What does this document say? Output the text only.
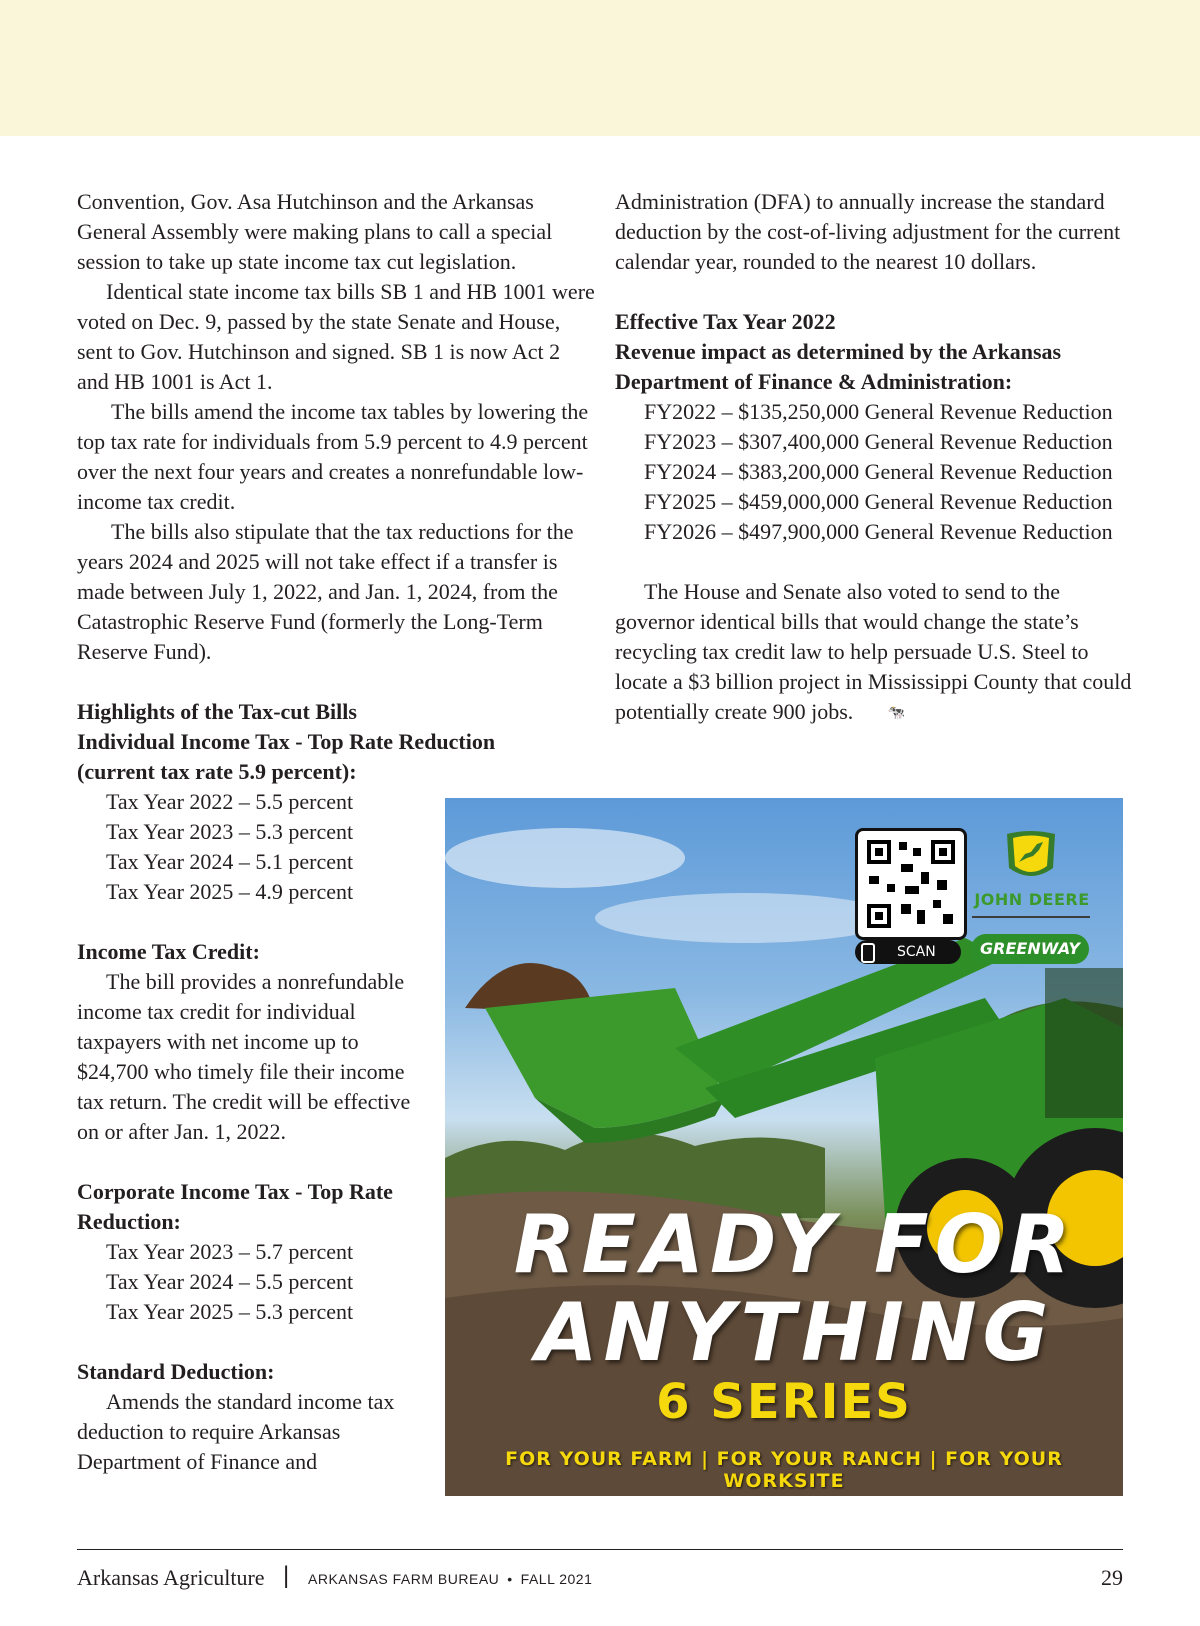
Convention, Gov. Asa Hutchinson and the Arkansas General Assembly were making plans to call a special session to take up state income tax cut legislation.

Identical state income tax bills SB 1 and HB 1001 were voted on Dec. 9, passed by the state Senate and House, sent to Gov. Hutchinson and signed. SB 1 is now Act 2 and HB 1001 is Act 1.

The bills amend the income tax tables by lowering the top tax rate for individuals from 5.9 percent to 4.9 percent over the next four years and creates a nonrefundable low-income tax credit.

The bills also stipulate that the tax reductions for the years 2024 and 2025 will not take effect if a transfer is made between July 1, 2022, and Jan. 1, 2024, from the Catastrophic Reserve Fund (formerly the Long-Term Reserve Fund).

Highlights of the Tax-cut Bills

Individual Income Tax - Top Rate Reduction

(current tax rate 5.9 percent):

Tax Year 2022 – 5.5 percent

Tax Year 2023 – 5.3 percent

Tax Year 2024 – 5.1 percent

Tax Year 2025 – 4.9 percent

Income Tax Credit:

The bill provides a nonrefundable income tax credit for individual taxpayers with net income up to $24,700 who timely file their income tax return. The credit will be effective on or after Jan. 1, 2022.

Corporate Income Tax - Top Rate

Reduction:

Tax Year 2023 – 5.7 percent

Tax Year 2024 – 5.5 percent

Tax Year 2025 – 5.3 percent

Standard Deduction:

Amends the standard income tax deduction to require Arkansas Department of Finance and

Administration (DFA) to annually increase the standard deduction by the cost-of-living adjustment for the current calendar year, rounded to the nearest 10 dollars.

Effective Tax Year 2022

Revenue impact as determined by the Arkansas

Department of Finance & Administration:

FY2022 – $135,250,000 General Revenue Reduction

FY2023 – $307,400,000 General Revenue Reduction

FY2024 – $383,200,000 General Revenue Reduction

FY2025 – $459,000,000 General Revenue Reduction

FY2026 – $497,900,000 General Revenue Reduction

The House and Senate also voted to send to the governor identical bills that would change the state’s recycling tax credit law to help persuade U.S. Steel to locate a $3 billion project in Mississippi County that could potentially create 900 jobs. 🐄

SCAN
JOHN DEERE
GREENWAY
READY FOR
ANYTHING
6 SERIES
FOR YOUR FARM | FOR YOUR RANCH | FOR YOUR WORKSITE
Arkansas Agriculture | ARKANSAS FARM BUREAU • FALL 2021	29
